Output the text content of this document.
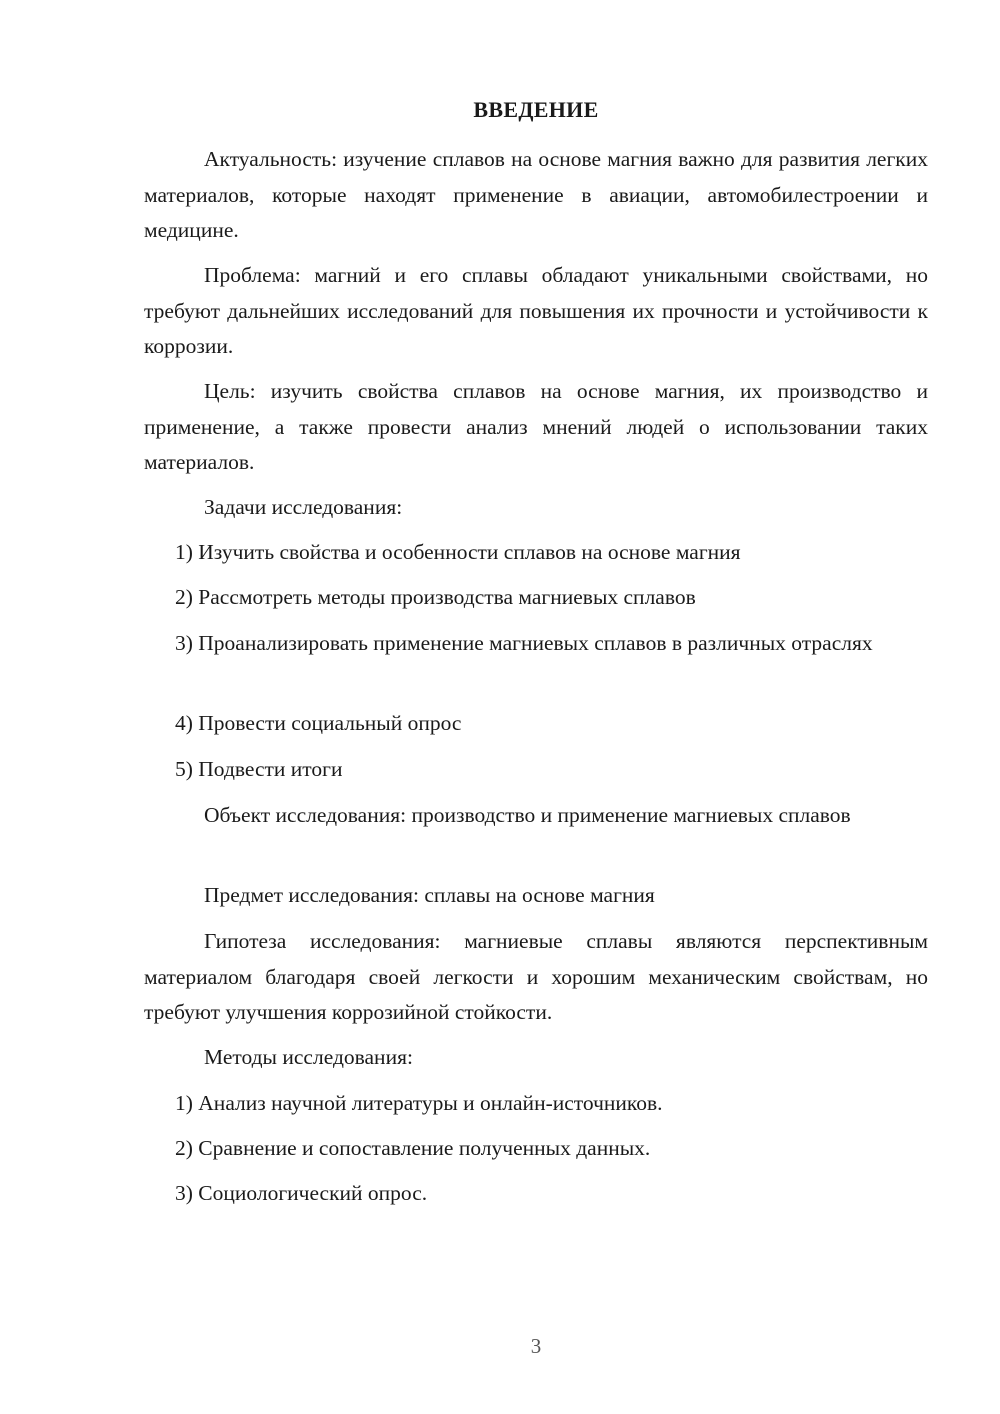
ВВЕДЕНИЕ
Актуальность: изучение сплавов на основе магния важно для развития легких материалов, которые находят применение в авиации, автомобилестроении и медицине.
Проблема: магний и его сплавы обладают уникальными свойствами, но требуют дальнейших исследований для повышения их прочности и устойчивости к коррозии.
Цель: изучить свойства сплавов на основе магния, их производство и применение, а также провести анализ мнений людей о использовании таких материалов.
Задачи исследования:
1) Изучить свойства и особенности сплавов на основе магния
2) Рассмотреть методы производства магниевых сплавов
3) Проанализировать применение магниевых сплавов в различных отраслях
4) Провести социальный опрос
5) Подвести итоги
Объект исследования: производство и применение магниевых сплавов
Предмет исследования: сплавы на основе магния
Гипотеза исследования: магниевые сплавы являются перспективным материалом благодаря своей легкости и хорошим механическим свойствам, но требуют улучшения коррозийной стойкости.
Методы исследования:
1) Анализ научной литературы и онлайн-источников.
2) Сравнение и сопоставление полученных данных.
3) Социологический опрос.
3
